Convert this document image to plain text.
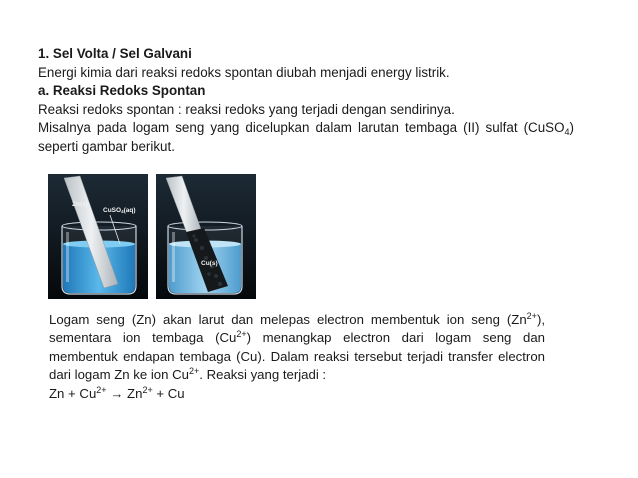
1. Sel Volta / Sel Galvani

Energi kimia dari reaksi redoks spontan diubah menjadi energy listrik.

a. Reaksi Redoks Spontan

Reaksi redoks spontan : reaksi redoks yang terjadi dengan sendirinya.

Misalnya pada logam seng yang dicelupkan dalam larutan tembaga (II) sulfat (CuSO$_4$) seperti gambar berikut.

Zn(s)
CuSO$_4$(aq)
Cu(s)

Logam seng (Zn) akan larut dan melepas electron membentuk ion seng $(Zn^{2+})$, sementara ion tembaga $(Cu^{2+})$ menangkap electron dari logam seng dan membentuk endapan tembaga (Cu). Dalam reaksi tersebut terjadi transfer electron dari logam Zn ke ion $Cu^{2+}$. Reaksi yang terjadi :

$Zn + Cu^{2+} \to Zn^{2+} + Cu$
